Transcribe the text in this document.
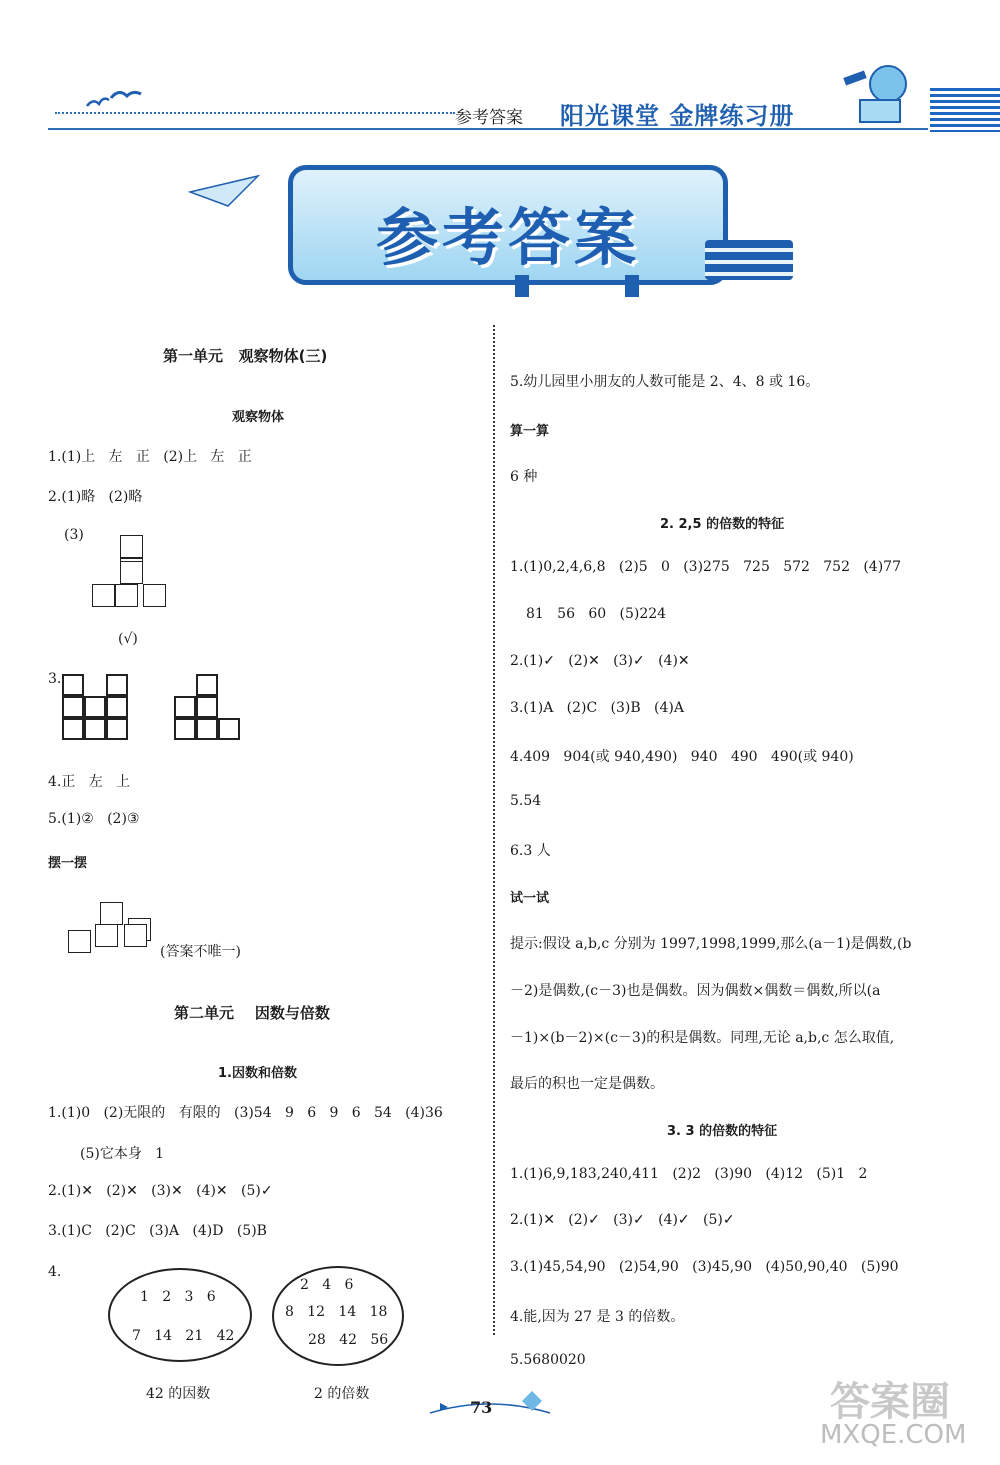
参考答案 阳光课堂 金牌练习册
参考答案
第一单元   观察物体(三)
观察物体
1.(1)上   左   正   (2)上   左   正
2.(1)略   (2)略
(3)
(√)
3.
4.正   左   上
5.(1)②   (2)③
摆一摆
(答案不唯一)
第二单元    因数与倍数
1.因数和倍数
1.(1)0   (2)无限的   有限的   (3)54   9   6   9   6   54   (4)36
(5)它本身   1
2.(1)✕   (2)✕   (3)✕   (4)✕   (5)✓
3.(1)C   (2)C   (3)A   (4)D   (5)B
4.
1   2   3   6
7   14   21   42
42 的因数
2   4   6
8   12   14   18
28   42   56
2 的倍数
5.幼儿园里小朋友的人数可能是 2、4、8 或 16。
算一算
6 种
2. 2,5 的倍数的特征
1.(1)0,2,4,6,8   (2)5   0   (3)275   725   572   752   (4)77
81   56   60   (5)224
2.(1)✓   (2)✕   (3)✓   (4)✕
3.(1)A   (2)C   (3)B   (4)A
4.409   904(或 940,490)   940   490   490(或 940)
5.54
6.3 人
试一试
提示:假设 a,b,c 分别为 1997,1998,1999,那么(a－1)是偶数,(b
－2)是偶数,(c－3)也是偶数。因为偶数×偶数＝偶数,所以(a
－1)×(b－2)×(c－3)的积是偶数。同理,无论 a,b,c 怎么取值,
最后的积也一定是偶数。
3. 3 的倍数的特征
1.(1)6,9,183,240,411   (2)2   (3)90   (4)12   (5)1   2
2.(1)✕   (2)✓   (3)✓   (4)✓   (5)✓
3.(1)45,54,90   (2)54,90   (3)45,90   (4)50,90,40   (5)90
4.能,因为 27 是 3 的倍数。
5.5680020
73	答案圈
MXQE.COM
